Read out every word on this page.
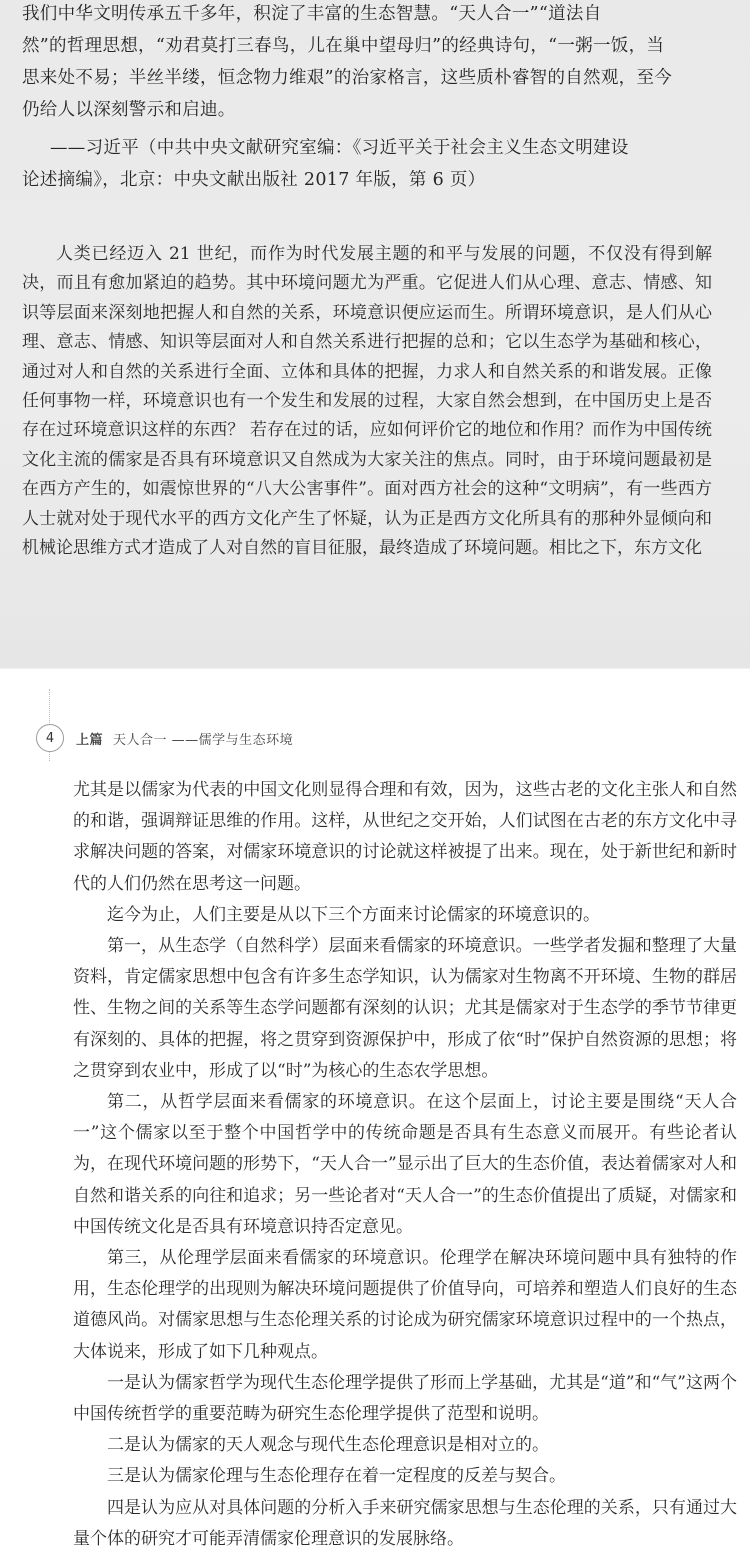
我们中华文明传承五千多年，积淀了丰富的生态智慧。“天人合一”“道法自

然”的哲理思想，“劝君莫打三春鸟，儿在巢中望母归”的经典诗句，“一粥一饭，当

思来处不易；半丝半缕，恒念物力维艰”的治家格言，这些质朴睿智的自然观，至今

仍给人以深刻警示和启迪。

——习近平（中共中央文献研究室编：《习近平关于社会主义生态文明建设

论述摘编》，北京：中央文献出版社 2017 年版，第 6 页）

人类已经迈入 21 世纪，而作为时代发展主题的和平与发展的问题，不仅没有得到解决，而且有愈加紧迫的趋势。其中环境问题尤为严重。它促进人们从心理、意志、情感、知识等层面来深刻地把握人和自然的关系，环境意识便应运而生。所谓环境意识，是人们从心理、意志、情感、知识等层面对人和自然关系进行把握的总和；它以生态学为基础和核心，通过对人和自然的关系进行全面、立体和具体的把握，力求人和自然关系的和谐发展。正像任何事物一样，环境意识也有一个发生和发展的过程，大家自然会想到，在中国历史上是否存在过环境意识这样的东西？ 若存在过的话，应如何评价它的地位和作用？而作为中国传统文化主流的儒家是否具有环境意识又自然成为大家关注的焦点。同时，由于环境问题最初是在西方产生的，如震惊世界的“八大公害事件”。面对西方社会的这种“文明病”，有一些西方人士就对处于现代水平的西方文化产生了怀疑，认为正是西方文化所具有的那种外显倾向和机械论思维方式才造成了人对自然的盲目征服，最终造成了环境问题。相比之下，东方文化

4	上篇 天人合一 ——儒学与生态环境

尤其是以儒家为代表的中国文化则显得合理和有效，因为，这些古老的文化主张人和自然的和谐，强调辩证思维的作用。这样，从世纪之交开始，人们试图在古老的东方文化中寻求解决问题的答案，对儒家环境意识的讨论就这样被提了出来。现在，处于新世纪和新时代的人们仍然在思考这一问题。

迄今为止，人们主要是从以下三个方面来讨论儒家的环境意识的。

第一，从生态学（自然科学）层面来看儒家的环境意识。一些学者发掘和整理了大量资料，肯定儒家思想中包含有许多生态学知识，认为儒家对生物离不开环境、生物的群居性、生物之间的关系等生态学问题都有深刻的认识；尤其是儒家对于生态学的季节节律更有深刻的、具体的把握，将之贯穿到资源保护中，形成了依“时”保护自然资源的思想；将之贯穿到农业中，形成了以“时”为核心的生态农学思想。

第二，从哲学层面来看儒家的环境意识。在这个层面上，讨论主要是围绕“天人合一”这个儒家以至于整个中国哲学中的传统命题是否具有生态意义而展开。有些论者认为，在现代环境问题的形势下，“天人合一”显示出了巨大的生态价值，表达着儒家对人和自然和谐关系的向往和追求；另一些论者对“天人合一”的生态价值提出了质疑，对儒家和中国传统文化是否具有环境意识持否定意见。

第三，从伦理学层面来看儒家的环境意识。伦理学在解决环境问题中具有独特的作用，生态伦理学的出现则为解决环境问题提供了价值导向，可培养和塑造人们良好的生态道德风尚。对儒家思想与生态伦理关系的讨论成为研究儒家环境意识过程中的一个热点，大体说来，形成了如下几种观点。

一是认为儒家哲学为现代生态伦理学提供了形而上学基础，尤其是“道”和“气”这两个中国传统哲学的重要范畴为研究生态伦理学提供了范型和说明。

二是认为儒家的天人观念与现代生态伦理意识是相对立的。

三是认为儒家伦理与生态伦理存在着一定程度的反差与契合。

四是认为应从对具体问题的分析入手来研究儒家思想与生态伦理的关系，只有通过大量个体的研究才可能弄清儒家伦理意识的发展脉络。
